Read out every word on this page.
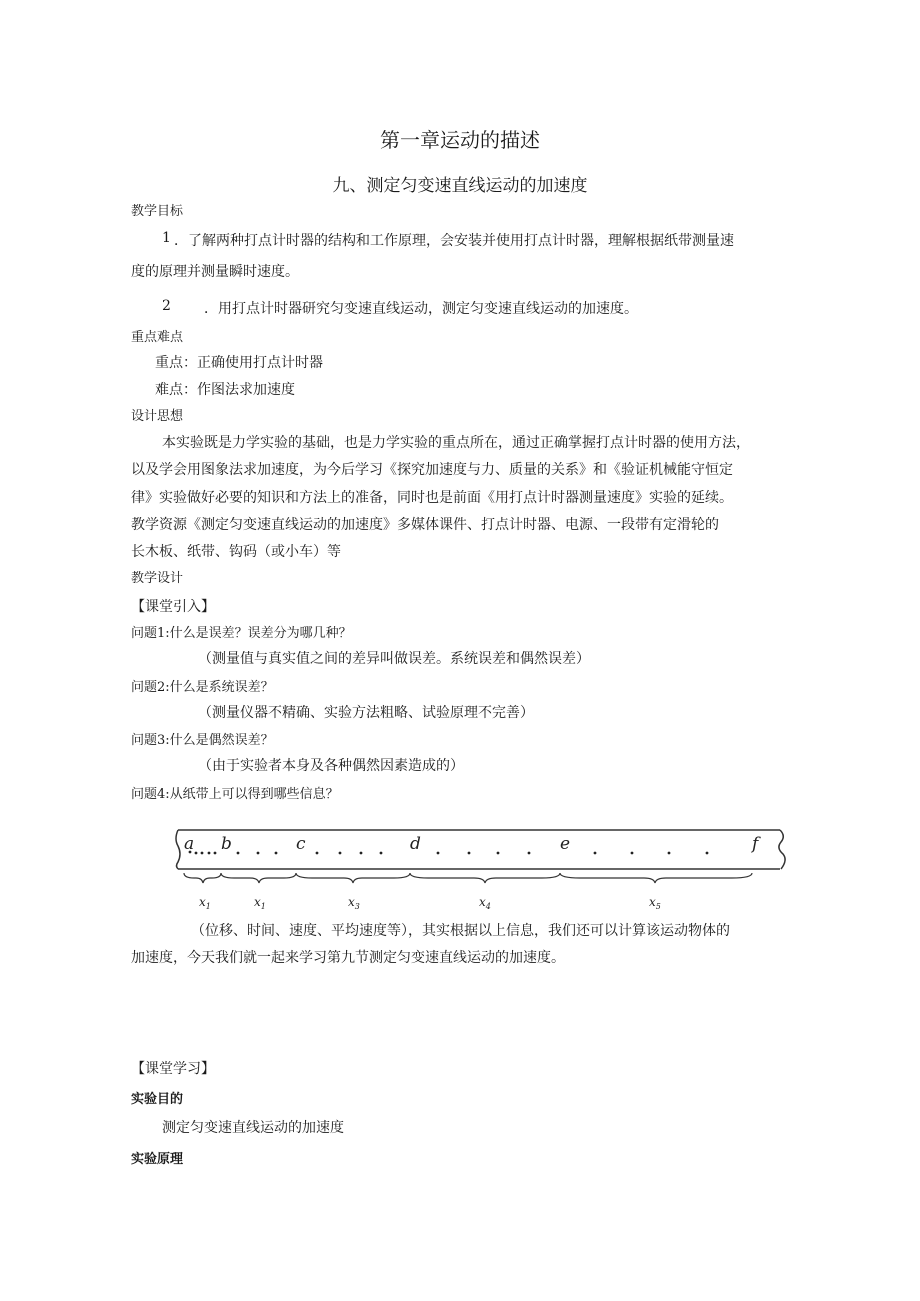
第一章运动的描述
九、测定匀变速直线运动的加速度
教学目标
1 ．了解两种打点计时器的结构和工作原理，会安装并使用打点计时器，理解根据纸带测量速
度的原理并测量瞬时速度。
2 ．用打点计时器研究匀变速直线运动，测定匀变速直线运动的加速度。
重点难点
重点：正确使用打点计时器
难点：作图法求加速度
设计思想
本实验既是力学实验的基础，也是力学实验的重点所在，通过正确掌握打点计时器的使用方法，
以及学会用图象法求加速度，为今后学习《探究加速度与力、质量的关系》和《验证机械能守恒定
律》实验做好必要的知识和方法上的准备，同时也是前面《用打点计时器测量速度》实验的延续。
教学资源《测定匀变速直线运动的加速度》多媒体课件、打点计时器、电源、一段带有定滑轮的
长木板、纸带、钩码（或小车）等
教学设计
【课堂引入】
问题1:什么是误差？误差分为哪几种？
（测量值与真实值之间的差异叫做误差。系统误差和偶然误差）
问题2:什么是系统误差？
（测量仪器不精确、实验方法粗略、试验原理不完善）
问题3:什么是偶然误差？
（由于实验者本身及各种偶然因素造成的）
问题4:从纸带上可以得到哪些信息？
a b	c	d	e	f
$x_1$	$x_1$	$x_3$	$x_4$	$x_5$
（位移、时间、速度、平均速度等），其实根据以上信息，我们还可以计算该运动物体的
加速度，今天我们就一起来学习第九节测定匀变速直线运动的加速度。
【课堂学习】
实验目的
测定匀变速直线运动的加速度
实验原理
